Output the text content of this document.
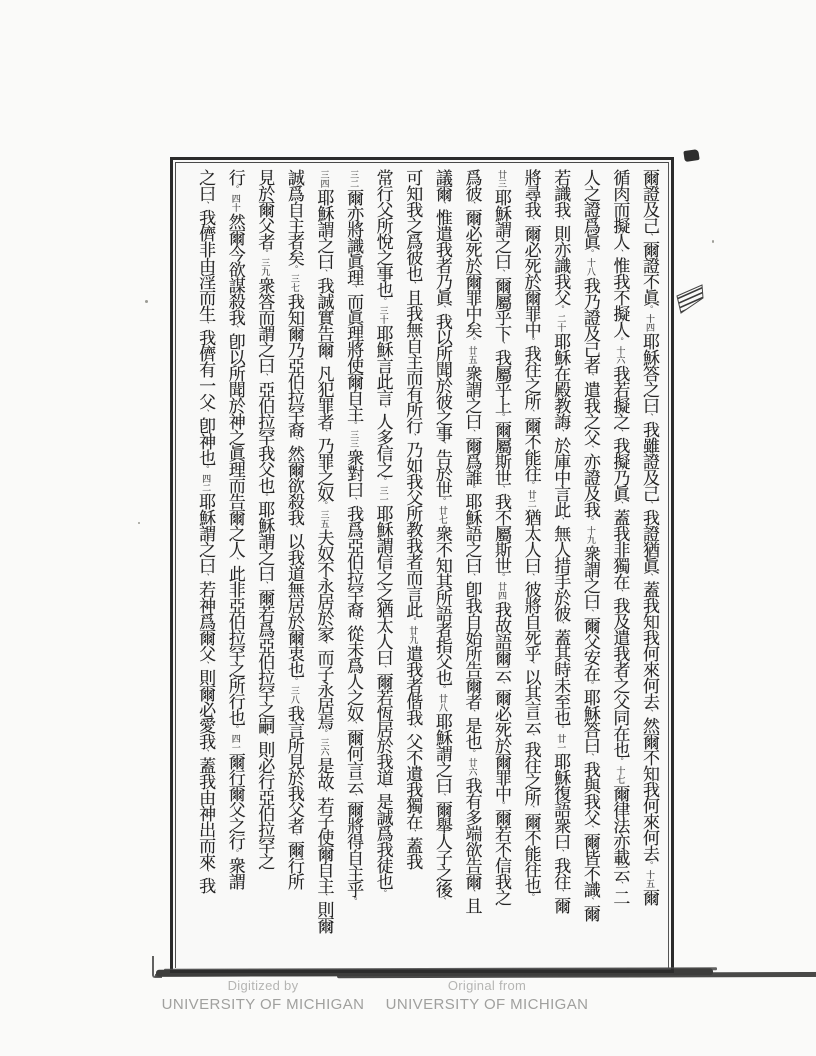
爾證及己、爾證不眞。十四耶穌答之曰、我雖證及己、我證猶眞、蓋我知我何來何去、然爾不知我何來何去。十五爾
循肉而擬人、惟我不擬人。十六我若擬之、我擬乃眞、蓋我非獨在、我及遣我者之父同在也。十七爾律法亦載云、二
人之證爲眞。十八我乃證及己者、遣我之父、亦證及我。十九衆謂之曰、爾父安在。耶穌答曰、我與我父、爾皆不識、爾
若識我、則亦識我父。二十耶穌在殿教誨、於庫中言此、無人措手於彼、蓋其時未至也。廿一耶穌復語衆曰、我往、爾
將尋我、爾必死於爾罪中。我往之所、爾不能往。廿二猶太人曰、彼將自死乎、以其言云、我往之所、爾不能往也。
廿三耶穌謂之曰、爾屬乎下、我屬乎上。爾屬斯世、我不屬斯世。廿四我故語爾云、爾必死於爾罪中。爾若不信我之
爲彼、爾必死於爾罪中矣。廿五衆謂之曰、爾爲誰。耶穌語之曰、卽我自始所告爾者、是也。廿六我有多端欲告爾、且
議爾、惟遣我者乃眞、我以所聞於彼之事、告於世。廿七衆不知其所語者指父也。廿八耶穌謂之曰、爾舉人子之後、
可知我之爲彼也、且我無自主而有所行、乃如我父所教我者而言此。廿九遣我者偕我、父不遺我獨在、蓋我
常行父所悅之事也。三十耶穌言此言、人多信之。三一耶穌謂信之之猶太人曰、爾若恆居於我道、是誠爲我徒也。
三二爾亦將識眞理、而眞理將使爾自主。三三衆對曰、我爲亞伯拉罕裔、從未爲人之奴、爾何言云、爾將得自主乎。
三四耶穌謂之曰、我誠實告爾、凡犯罪者、乃罪之奴。三五夫奴不永居於家、而子永居焉。三六是故、若子使爾自主、則爾
誠爲自主者矣。三七我知爾乃亞伯拉罕裔、然爾欲殺我、以我道無居於爾衷也。三八我言所見於我父者、爾行所
見於爾父者。三九衆答而謂之曰、亞伯拉罕我父也。耶穌謂之曰、爾若爲亞伯拉罕之嗣、則必行亞伯拉罕之
行。四十然爾今欲謀殺我、卽以所聞於神之眞理而告爾之人、此非亞伯拉罕之所行也。四一爾行爾父之行。衆謂
之曰、我儕非由淫而生、我儕有一父、卽神也。四二耶穌謂之曰、若神爲爾父、則爾必愛我、蓋我由神出而來、我
Digitized by
UNIVERSITY OF MICHIGAN
Original from
UNIVERSITY OF MICHIGAN
